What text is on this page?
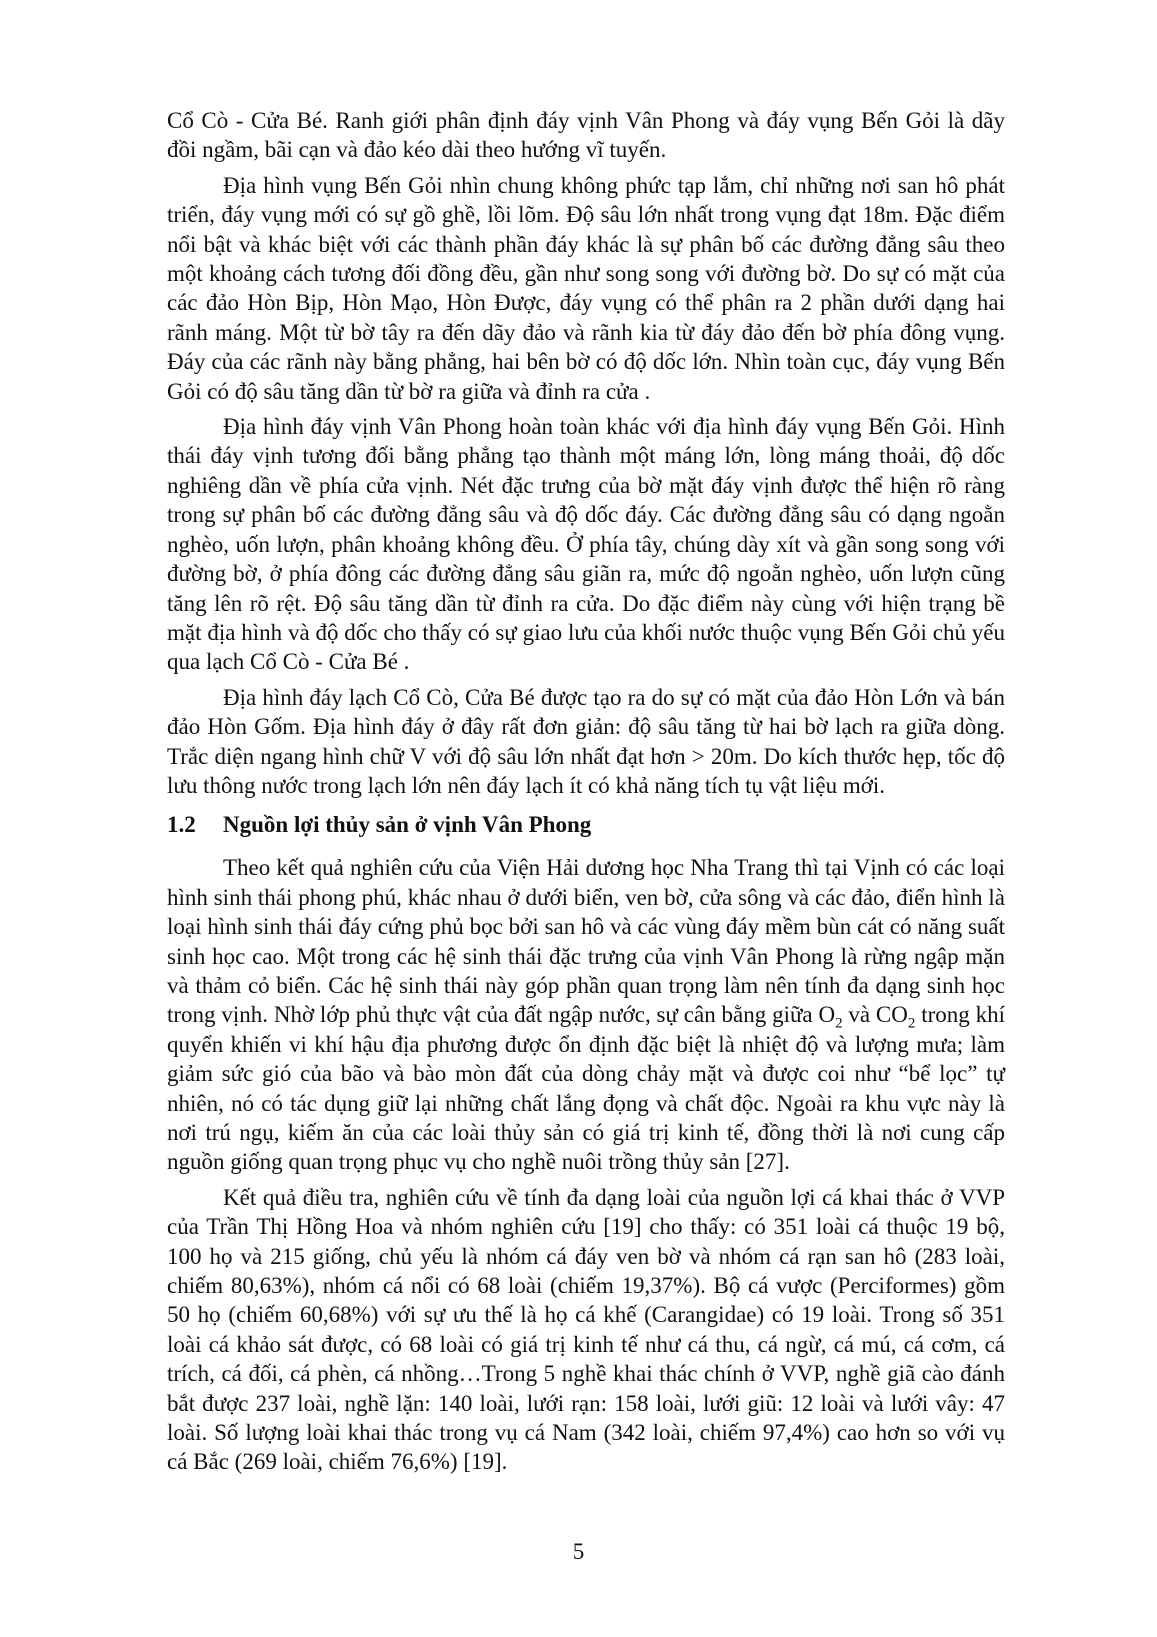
Cổ Cò - Cửa Bé. Ranh giới phân định đáy vịnh Vân Phong và đáy vụng Bến Gỏi là dãy đồi ngầm, bãi cạn và đảo kéo dài theo hướng vĩ tuyến.

Địa hình vụng Bến Gỏi nhìn chung không phức tạp lắm, chỉ những nơi san hô phát triển, đáy vụng mới có sự gồ ghề, lồi lõm. Độ sâu lớn nhất trong vụng đạt 18m. Đặc điểm nổi bật và khác biệt với các thành phần đáy khác là sự phân bố các đường đẳng sâu theo một khoảng cách tương đối đồng đều, gần như song song với đường bờ. Do sự có mặt của các đảo Hòn Bịp, Hòn Mạo, Hòn Được, đáy vụng có thể phân ra 2 phần dưới dạng hai rãnh máng. Một từ bờ tây ra đến dãy đảo và rãnh kia từ đáy đảo đến bờ phía đông vụng. Đáy của các rãnh này bằng phẳng, hai bên bờ có độ dốc lớn. Nhìn toàn cục, đáy vụng Bến Gỏi có độ sâu tăng dần từ bờ ra giữa và đỉnh ra cửa .

Địa hình đáy vịnh Vân Phong hoàn toàn khác với địa hình đáy vụng Bến Gỏi. Hình thái đáy vịnh tương đối bằng phẳng tạo thành một máng lớn, lòng máng thoải, độ dốc nghiêng dần về phía cửa vịnh. Nét đặc trưng của bờ mặt đáy vịnh được thể hiện rõ ràng trong sự phân bố các đường đẳng sâu và độ dốc đáy. Các đường đẳng sâu có dạng ngoằn nghèo, uốn lượn, phân khoảng không đều. Ở phía tây, chúng dày xít và gần song song với đường bờ, ở phía đông các đường đẳng sâu giãn ra, mức độ ngoằn nghèo, uốn lượn cũng tăng lên rõ rệt. Độ sâu tăng dần từ đỉnh ra cửa. Do đặc điểm này cùng với hiện trạng bề mặt địa hình và độ dốc cho thấy có sự giao lưu của khối nước thuộc vụng Bến Gỏi chủ yếu qua lạch Cổ Cò - Cửa Bé .

Địa hình đáy lạch Cổ Cò, Cửa Bé được tạo ra do sự có mặt của đảo Hòn Lớn và bán đảo Hòn Gốm. Địa hình đáy ở đây rất đơn giản: độ sâu tăng từ hai bờ lạch ra giữa dòng. Trắc diện ngang hình chữ V với độ sâu lớn nhất đạt hơn > 20m. Do kích thước hẹp, tốc độ lưu thông nước trong lạch lớn nên đáy lạch ít có khả năng tích tụ vật liệu mới.

1.2 Nguồn lợi thủy sản ở vịnh Vân Phong

Theo kết quả nghiên cứu của Viện Hải dương học Nha Trang thì tại Vịnh có các loại hình sinh thái phong phú, khác nhau ở dưới biển, ven bờ, cửa sông và các đảo, điển hình là loại hình sinh thái đáy cứng phủ bọc bởi san hô và các vùng đáy mềm bùn cát có năng suất sinh học cao. Một trong các hệ sinh thái đặc trưng của vịnh Vân Phong là rừng ngập mặn và thảm cỏ biển. Các hệ sinh thái này góp phần quan trọng làm nên tính đa dạng sinh học trong vịnh. Nhờ lớp phủ thực vật của đất ngập nước, sự cân bằng giữa $O_2$ và $CO_2$ trong khí quyển khiến vi khí hậu địa phương được ổn định đặc biệt là nhiệt độ và lượng mưa; làm giảm sức gió của bão và bào mòn đất của dòng chảy mặt và được coi như “bể lọc” tự nhiên, nó có tác dụng giữ lại những chất lắng đọng và chất độc. Ngoài ra khu vực này là nơi trú ngụ, kiếm ăn của các loài thủy sản có giá trị kinh tế, đồng thời là nơi cung cấp nguồn giống quan trọng phục vụ cho nghề nuôi trồng thủy sản [27].

Kết quả điều tra, nghiên cứu về tính đa dạng loài của nguồn lợi cá khai thác ở VVP của Trần Thị Hồng Hoa và nhóm nghiên cứu [19] cho thấy: có 351 loài cá thuộc 19 bộ, 100 họ và 215 giống, chủ yếu là nhóm cá đáy ven bờ và nhóm cá rạn san hô (283 loài, chiếm 80,63%), nhóm cá nổi có 68 loài (chiếm 19,37%). Bộ cá vược (Perciformes) gồm 50 họ (chiếm 60,68%) với sự ưu thế là họ cá khế (Carangidae) có 19 loài. Trong số 351 loài cá khảo sát được, có 68 loài có giá trị kinh tế như cá thu, cá ngừ, cá mú, cá cơm, cá trích, cá đối, cá phèn, cá nhồng…Trong 5 nghề khai thác chính ở VVP, nghề giã cào đánh bắt được 237 loài, nghề lặn: 140 loài, lưới rạn: 158 loài, lưới giũ: 12 loài và lưới vây: 47 loài. Số lượng loài khai thác trong vụ cá Nam (342 loài, chiếm 97,4%) cao hơn so với vụ cá Bắc (269 loài, chiếm 76,6%) [19].

5
